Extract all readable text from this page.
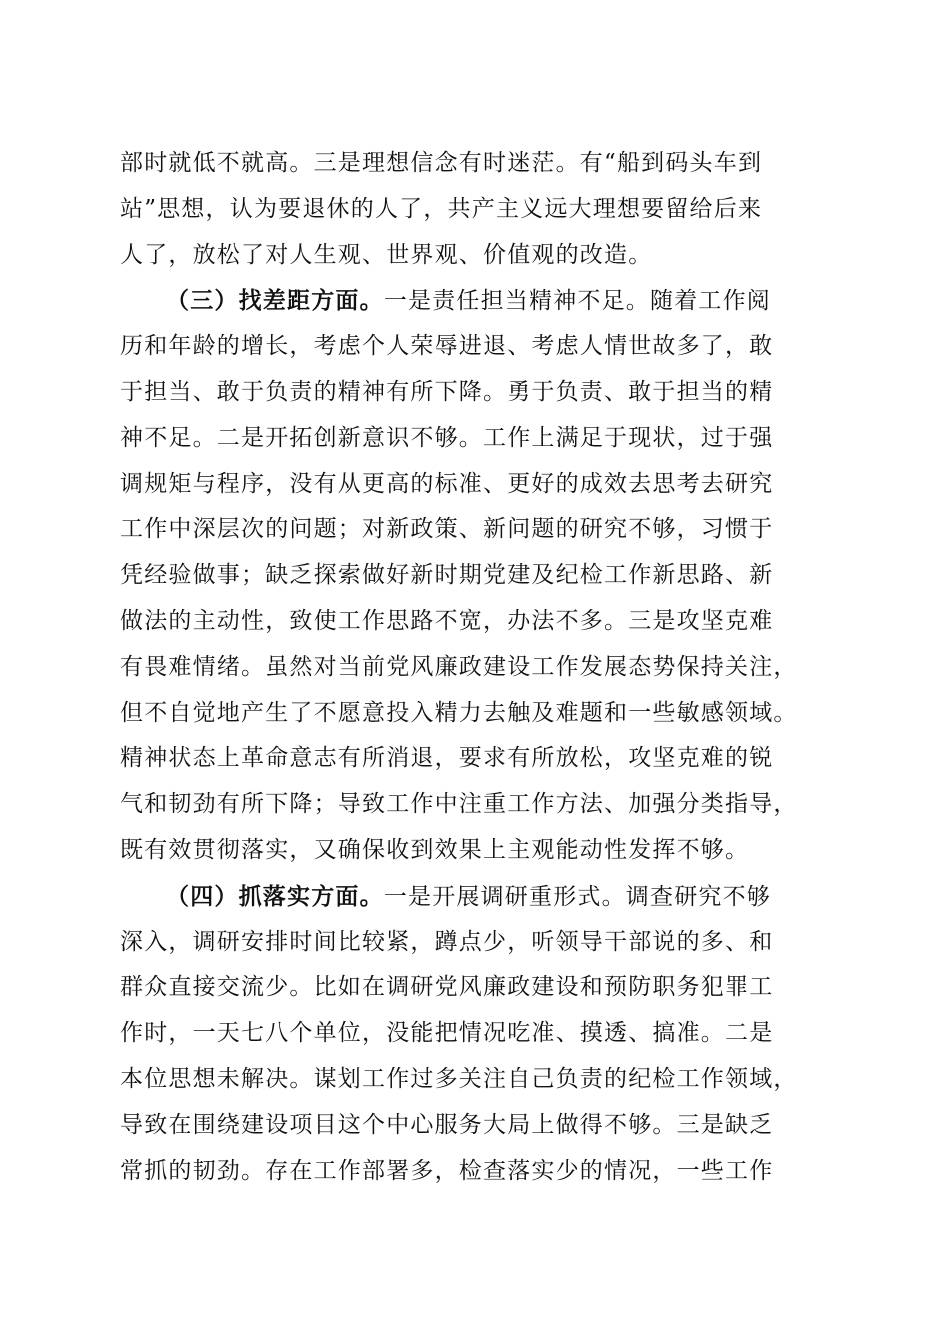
部时就低不就高。三是理想信念有时迷茫。有“船到码头车到
站”思想，认为要退休的人了，共产主义远大理想要留给后来
人了，放松了对人生观、世界观、价值观的改造。
（三）找差距方面。一是责任担当精神不足。随着工作阅
历和年龄的增长，考虑个人荣辱进退、考虑人情世故多了，敢
于担当、敢于负责的精神有所下降。勇于负责、敢于担当的精
神不足。二是开拓创新意识不够。工作上满足于现状，过于强
调规矩与程序，没有从更高的标准、更好的成效去思考去研究
工作中深层次的问题；对新政策、新问题的研究不够，习惯于
凭经验做事；缺乏探索做好新时期党建及纪检工作新思路、新
做法的主动性，致使工作思路不宽，办法不多。三是攻坚克难
有畏难情绪。虽然对当前党风廉政建设工作发展态势保持关注，
但不自觉地产生了不愿意投入精力去触及难题和一些敏感领域。
精神状态上革命意志有所消退，要求有所放松，攻坚克难的锐
气和韧劲有所下降；导致工作中注重工作方法、加强分类指导，
既有效贯彻落实，又确保收到效果上主观能动性发挥不够。
（四）抓落实方面。一是开展调研重形式。调查研究不够
深入，调研安排时间比较紧，蹲点少，听领导干部说的多、和
群众直接交流少。比如在调研党风廉政建设和预防职务犯罪工
作时，一天七八个单位，没能把情况吃准、摸透、搞准。二是
本位思想未解决。谋划工作过多关注自己负责的纪检工作领域，
导致在围绕建设项目这个中心服务大局上做得不够。三是缺乏
常抓的韧劲。存在工作部署多，检查落实少的情况，一些工作
